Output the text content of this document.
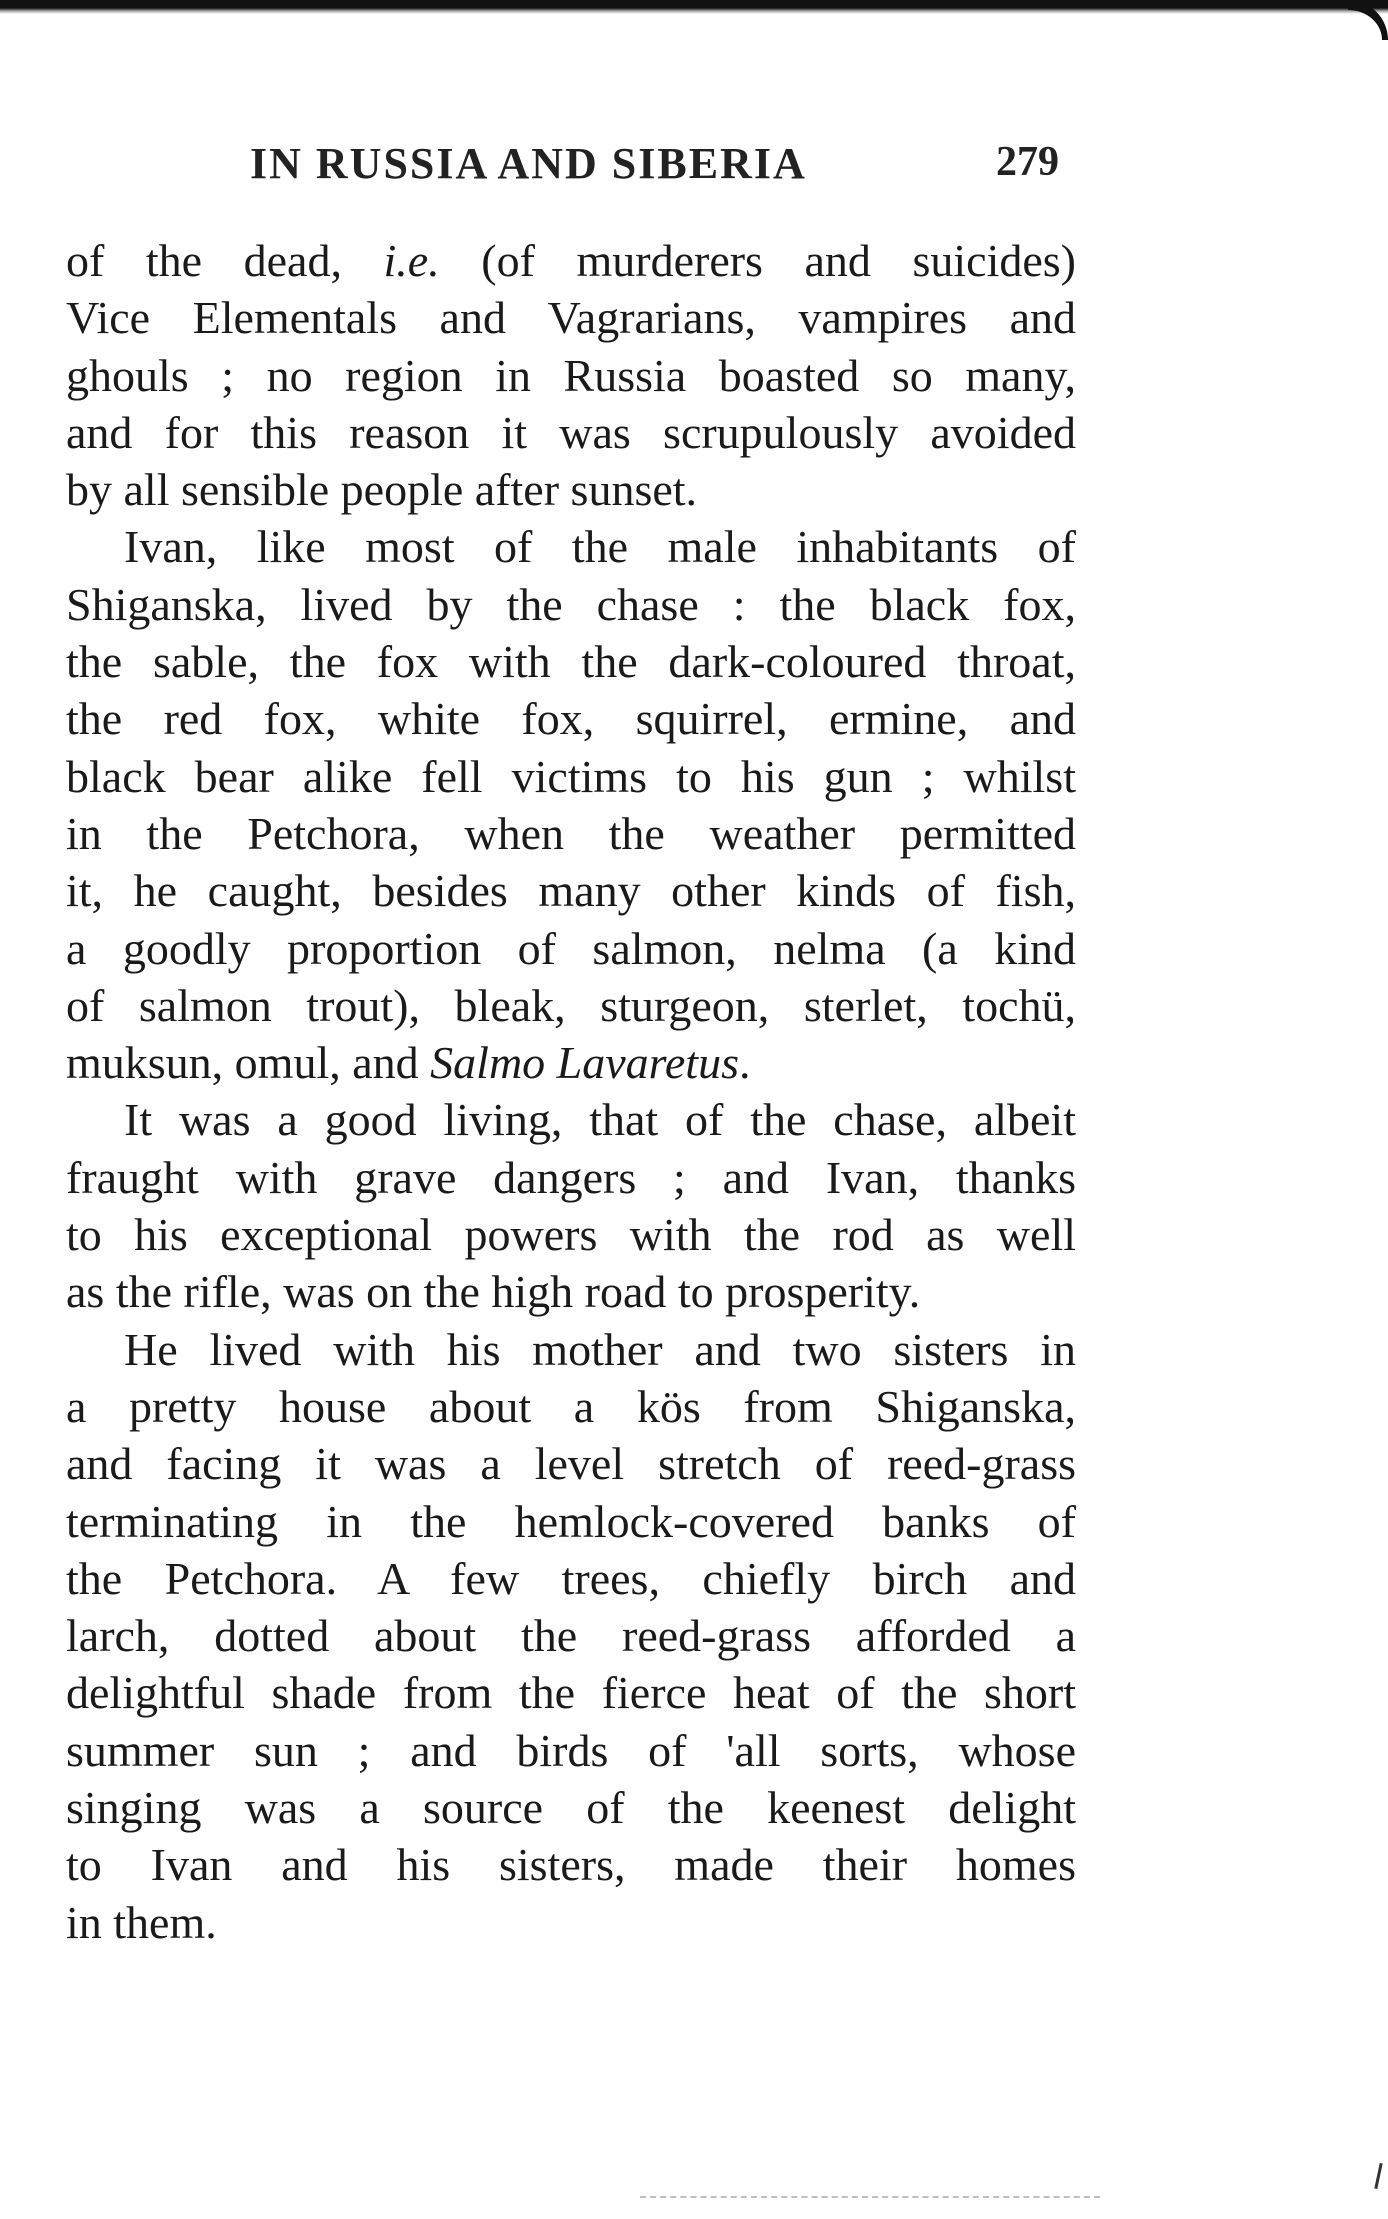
IN RUSSIA AND SIBERIA	279
of the dead, i.e. (of murderers and suicides)
Vice Elementals and Vagrarians, vampires and
ghouls ; no region in Russia boasted so many,
and for this reason it was scrupulously avoided
by all sensible people after sunset.
Ivan, like most of the male inhabitants of
Shiganska, lived by the chase : the black fox,
the sable, the fox with the dark-coloured throat,
the red fox, white fox, squirrel, ermine, and
black bear alike fell victims to his gun ; whilst
in the Petchora, when the weather permitted
it, he caught, besides many other kinds of fish,
a goodly proportion of salmon, nelma (a kind
of salmon trout), bleak, sturgeon, sterlet, tochü,
muksun, omul, and Salmo Lavaretus.
It was a good living, that of the chase, albeit
fraught with grave dangers ; and Ivan, thanks
to his exceptional powers with the rod as well
as the rifle, was on the high road to prosperity.
He lived with his mother and two sisters in
a pretty house about a kös from Shiganska,
and facing it was a level stretch of reed-grass
terminating in the hemlock-covered banks of
the Petchora. A few trees, chiefly birch and
larch, dotted about the reed-grass afforded a
delightful shade from the fierce heat of the short
summer sun ; and birds of 'all sorts, whose
singing was a source of the keenest delight
to Ivan and his sisters, made their homes
in them.
